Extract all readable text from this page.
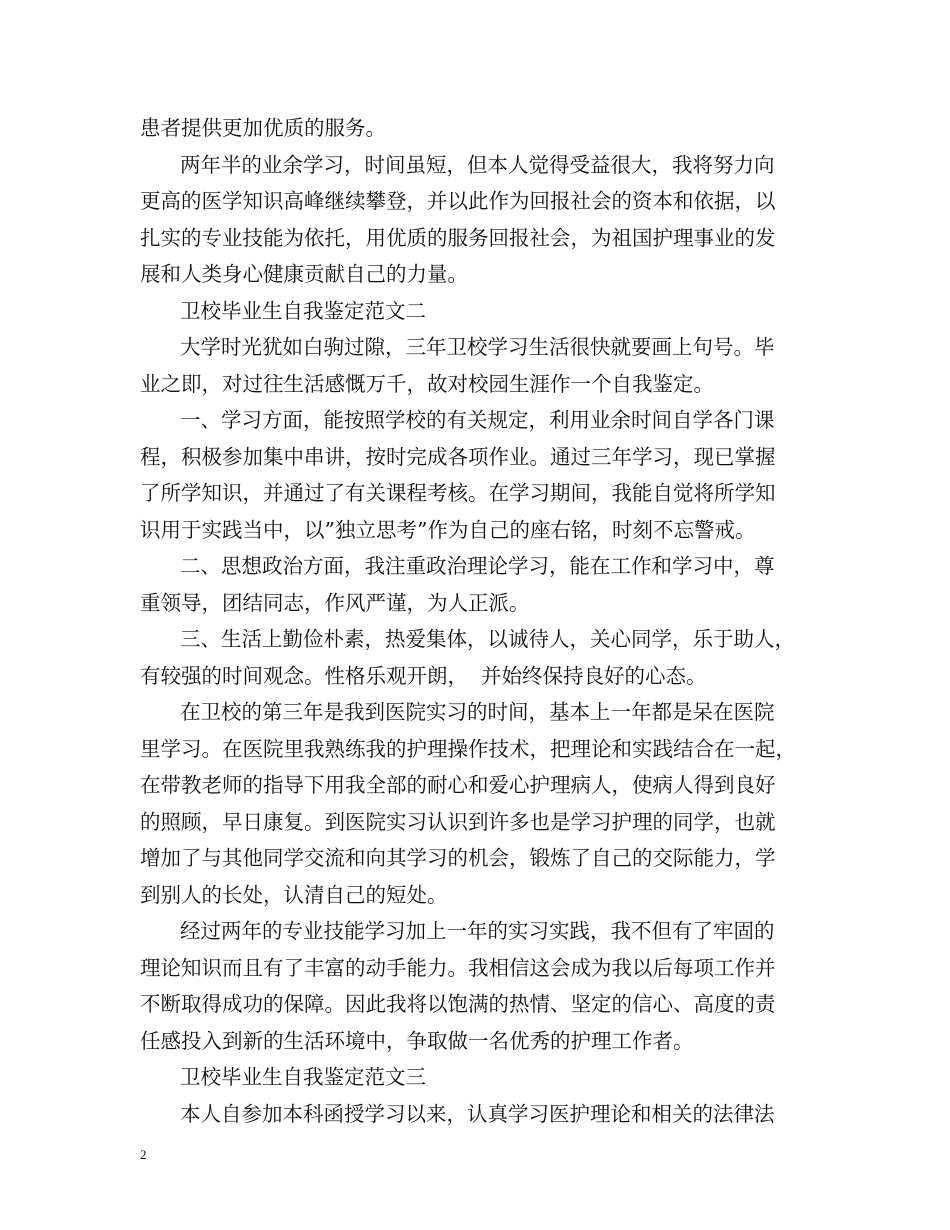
患者提供更加优质的服务。
两年半的业余学习，时间虽短，但本人觉得受益很大，我将努力向
更高的医学知识高峰继续攀登，并以此作为回报社会的资本和依据，以
扎实的专业技能为依托，用优质的服务回报社会，为祖国护理事业的发
展和人类身心健康贡献自己的力量。
卫校毕业生自我鉴定范文二
大学时光犹如白驹过隙，三年卫校学习生活很快就要画上句号。毕
业之即，对过往生活感慨万千，故对校园生涯作一个自我鉴定。
一、学习方面，能按照学校的有关规定，利用业余时间自学各门课
程，积极参加集中串讲，按时完成各项作业。通过三年学习，现已掌握
了所学知识，并通过了有关课程考核。在学习期间，我能自觉将所学知
识用于实践当中，以”独立思考”作为自己的座右铭，时刻不忘警戒。
二、思想政治方面，我注重政治理论学习，能在工作和学习中，尊
重领导，团结同志，作风严谨，为人正派。
三、生活上勤俭朴素，热爱集体，以诚待人，关心同学，乐于助人，
有较强的时间观念。性格乐观开朗，  并始终保持良好的心态。
在卫校的第三年是我到医院实习的时间，基本上一年都是呆在医院
里学习。在医院里我熟练我的护理操作技术，把理论和实践结合在一起，
在带教老师的指导下用我全部的耐心和爱心护理病人，使病人得到良好
的照顾，早日康复。到医院实习认识到许多也是学习护理的同学，也就
增加了与其他同学交流和向其学习的机会，锻炼了自己的交际能力，学
到别人的长处，认清自己的短处。
经过两年的专业技能学习加上一年的实习实践，我不但有了牢固的
理论知识而且有了丰富的动手能力。我相信这会成为我以后每项工作并
不断取得成功的保障。因此我将以饱满的热情、坚定的信心、高度的责
任感投入到新的生活环境中，争取做一名优秀的护理工作者。
卫校毕业生自我鉴定范文三
本人自参加本科函授学习以来，认真学习医护理论和相关的法律法
2
